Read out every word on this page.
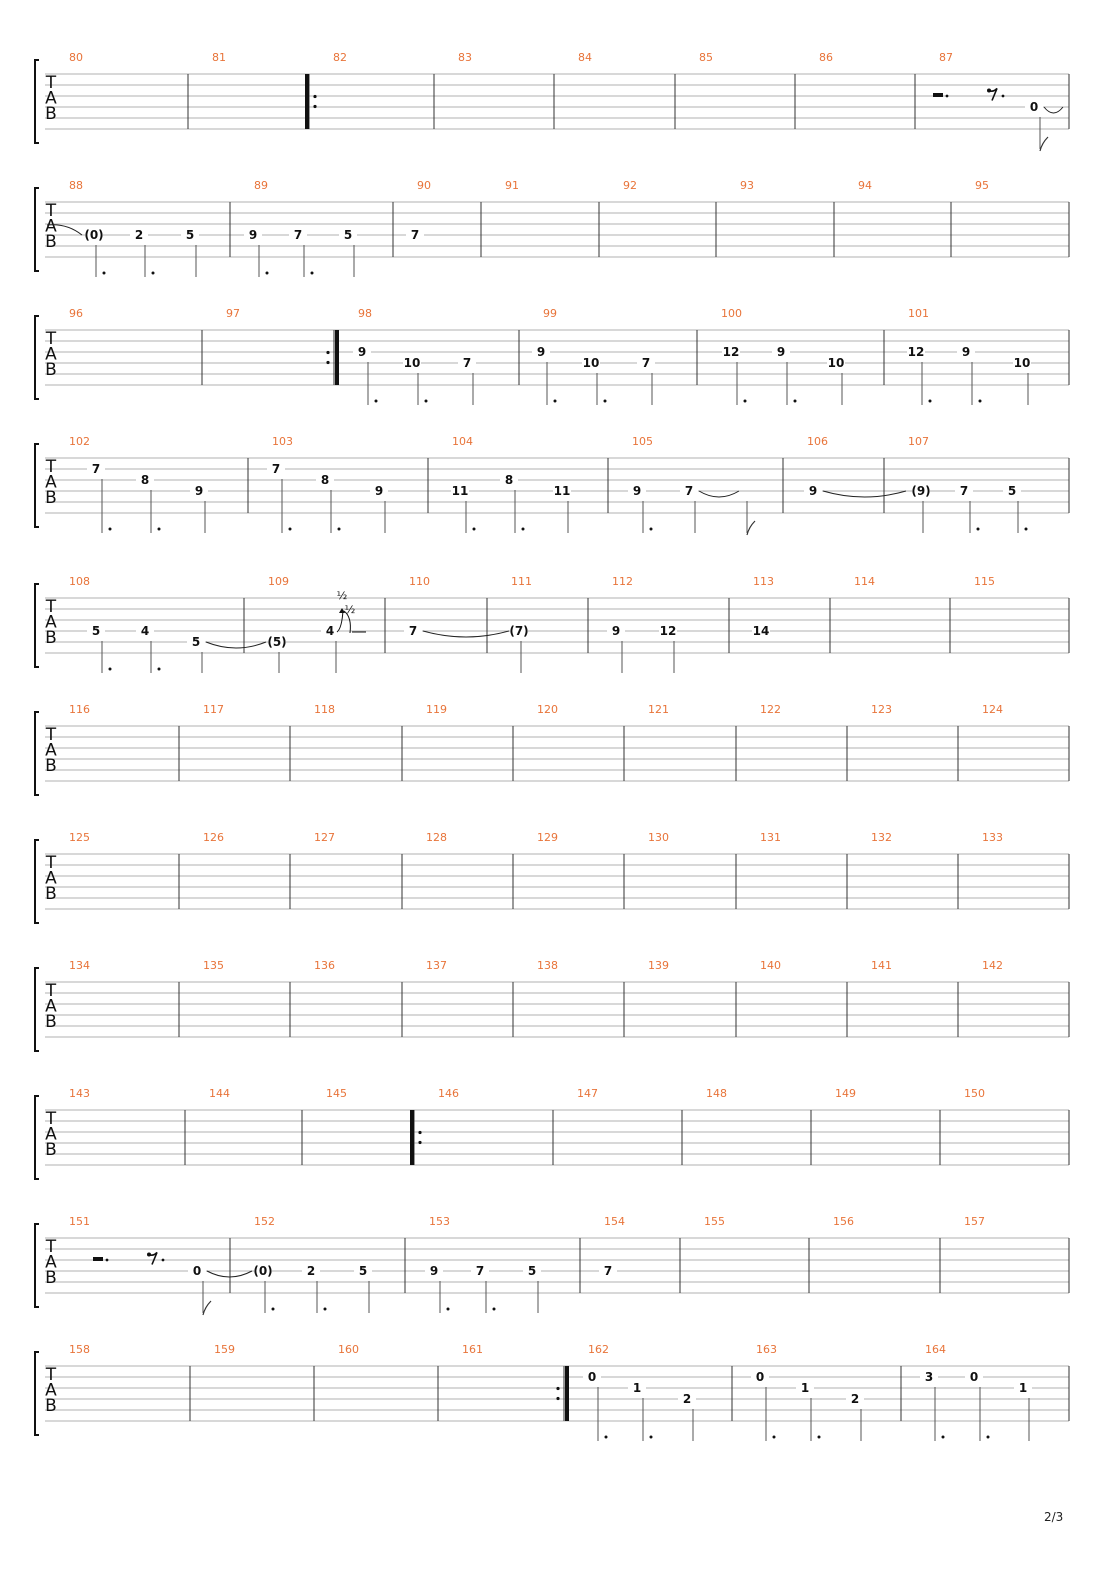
T
A
B
80	81	82	83	84	85	86	87
0
T
A
B
88
(0)	2	5
89
9	7	5
90
7
91	92	93	94	95
T
A
B
96	97	98
9
10	7
99
9
10	7
100
12	9
10
101
12	9
10
T
A
B
102
7
8
9
103
7
8
9
104
11
8
11
105
9	7
106
9
107
(9) 7	5
T
A
B
108
5	4
5
109
(5)
4
½
½
110
7
111
(7)
112
9	12
113
14
114	115
T
A
B
116	117	118	119	120	121	122	123	124
T
A
B
125	126	127	128	129	130	131	132	133
T
A
B
134	135	136	137	138	139	140	141	142
T
A
B
143	144	145	146	147	148	149	150
T
A
B
151
0
152
(0)	2	5
153
9	7	5
154
7
155	156	157
T
A
B
158	159	160	161	162
0
1
2
163
0
1
2
164
3	0
1
2/3
